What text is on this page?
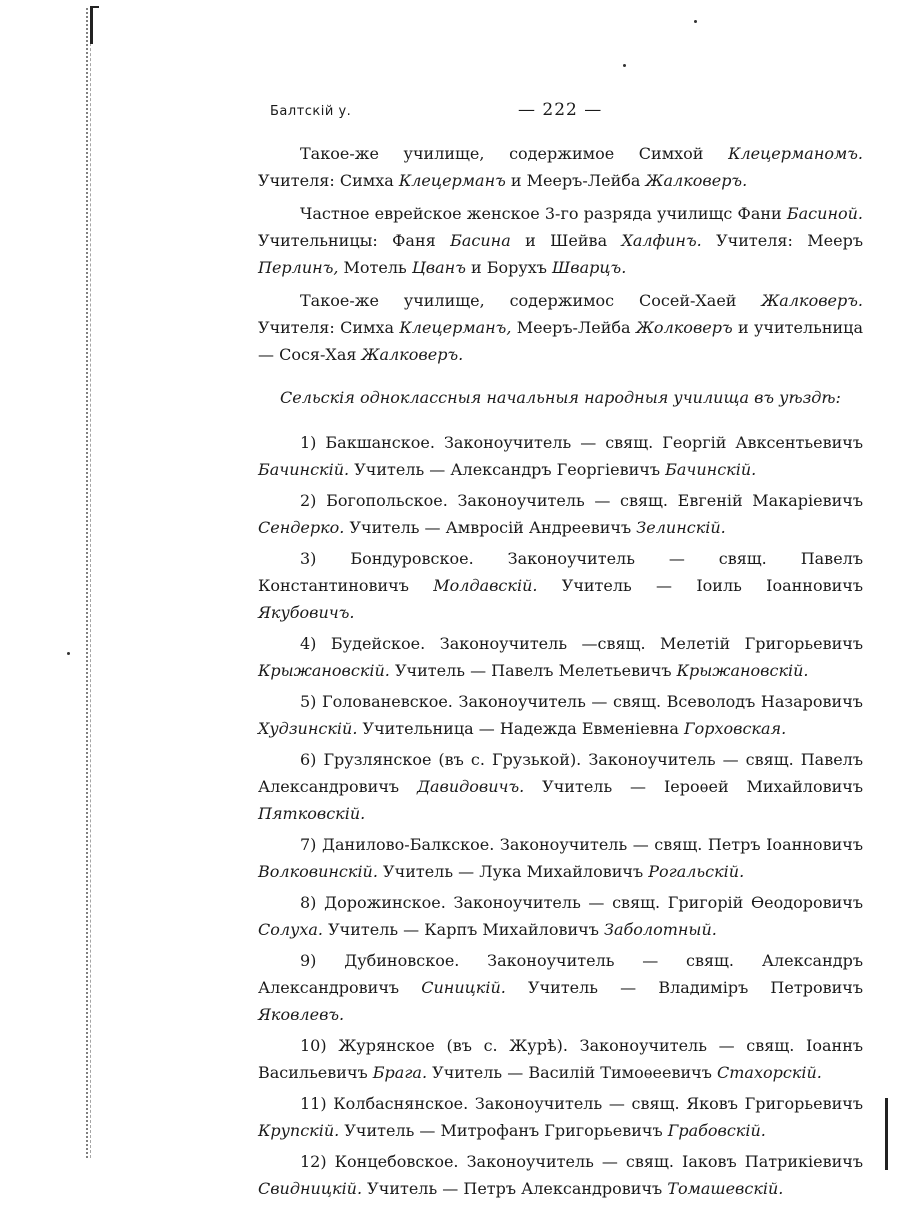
Балтскій у.	— 222 —

Такое-же училище, содержимое Симхой Клецерманомъ. Учителя: Симха Клецерманъ и Мееръ-Лейба Жалковеръ.

Частное еврейское женское 3-го разряда училищс Фани Басиной. Учительницы: Фаня Басина и Шейва Халфинъ. Учителя: Мееръ Перлинъ, Мотель Цванъ и Борухъ Шварцъ.

Такое-же училище, содержимос Сосей-Хаей Жалковеръ. Учителя: Симха Клецерманъ, Мееръ-Лейба Жолковеръ и учительница — Сося-Хая Жалковеръ.

Сельскія одноклассныя начальныя народныя училища въ уѣздѣ:

1) Бакшанское. Законоучитель — свящ. Георгій Авксентьевичъ Бачинскій. Учитель — Александръ Георгіевичъ Бачинскій.

2) Богопольское. Законоучитель — свящ. Евгеній Макаріевичъ Сендерко. Учитель — Амвросій Андреевичъ Зелинскій.

3) Бондуровское. Законоучитель — свящ. Павелъ Константиновичъ Молдавскій. Учитель — Іоиль Іоанновичъ Якубовичъ.

4) Будейское. Законоучитель —свящ. Мелетій Григорьевичъ Крыжановскій. Учитель — Павелъ Мелетьевичъ Крыжановскій.

5) Голованевское. Законоучитель — свящ. Всеволодъ Назаровичъ Худзинскій. Учительница — Надежда Евменіевна Горховская.

6) Грузлянское (въ с. Грузькой). Законоучитель — свящ. Павелъ Александровичъ Давидовичъ. Учитель — Іероѳей Михайловичъ Пятковскій.

7) Данилово-Балкское. Законоучитель — свящ. Петръ Іоанновичъ Волковинскій. Учитель — Лука Михайловичъ Рогальскій.

8) Дорожинское. Законоучитель — свящ. Григорій Ѳеодоровичъ Солуха. Учитель — Карпъ Михайловичъ Заболотный.

9) Дубиновское. Законоучитель — свящ. Александръ Александровичъ Синицкій. Учитель — Владиміръ Петровичъ Яковлевъ.

10) Журянское (въ с. Журѣ). Законоучитель — свящ. Іоаннъ Васильевичъ Брага. Учитель — Василій Тимоѳеевичъ Стахорскій.

11) Колбаснянское. Законоучитель — свящ. Яковъ Григорьевичъ Крупскій. Учитель — Митрофанъ Григорьевичъ Грабовскій.

12) Концебовское. Законоучитель — свящ. Іаковъ Патрикіевичъ Свидницкій. Учитель — Петръ Александровичъ Томашевскій.
